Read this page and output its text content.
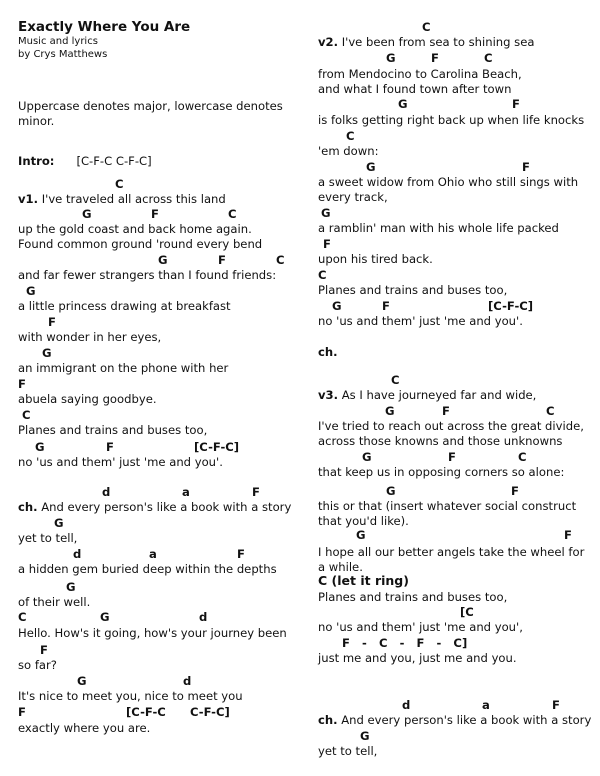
Exactly Where You Are
Music and lyrics
by Crys Matthews
Uppercase denotes major, lowercase denotes
minor.
Intro: [C-F-C C-F-C]
C
v1. I've traveled all across this land
G	F	C
up the gold coast and back home again.
Found common ground 'round every bend
G	F	C
and far fewer strangers than I found friends:
G
a little princess drawing at breakfast
F
with wonder in her eyes,
G
an immigrant on the phone with her
F
abuela saying goodbye.
C
Planes and trains and buses too,
G	F	[C-F-C]
no 'us and them' just 'me and you'.
d	a	F
ch. And every person's like a book with a story
G
yet to tell,
d	a	F
a hidden gem buried deep within the depths
G
of their well.
C	G	d
Hello. How's it going, how's your journey been
F
so far?
G	d
It's nice to meet you, nice to meet you
F	[C-F-C C-F-C]
exactly where you are.
C
v2. I've been from sea to shining sea
G	F	C
from Mendocino to Carolina Beach,
and what I found town after town
G	F
is folks getting right back up when life knocks
C
'em down:
G	F
a sweet widow from Ohio who still sings with
every track,
G
a ramblin' man with his whole life packed
F
upon his tired back.
C
Planes and trains and buses too,
G	F	[C-F-C]
no 'us and them' just 'me and you'.
ch.
C
v3. As I have journeyed far and wide,
G	F	C
I've tried to reach out across the great divide,
across those knowns and those unknowns
G	F	C
that keep us in opposing corners so alone:
G	F
this or that (insert whatever social construct
that you'd like).
G	F
I hope all our better angels take the wheel for
a while.
C (let it ring)
Planes and trains and buses too,
[C
no 'us and them' just 'me and you',
F   -   C   -   F   -   C]
just me and you, just me and you.
d	a	F
ch. And every person's like a book with a story
G
yet to tell,
